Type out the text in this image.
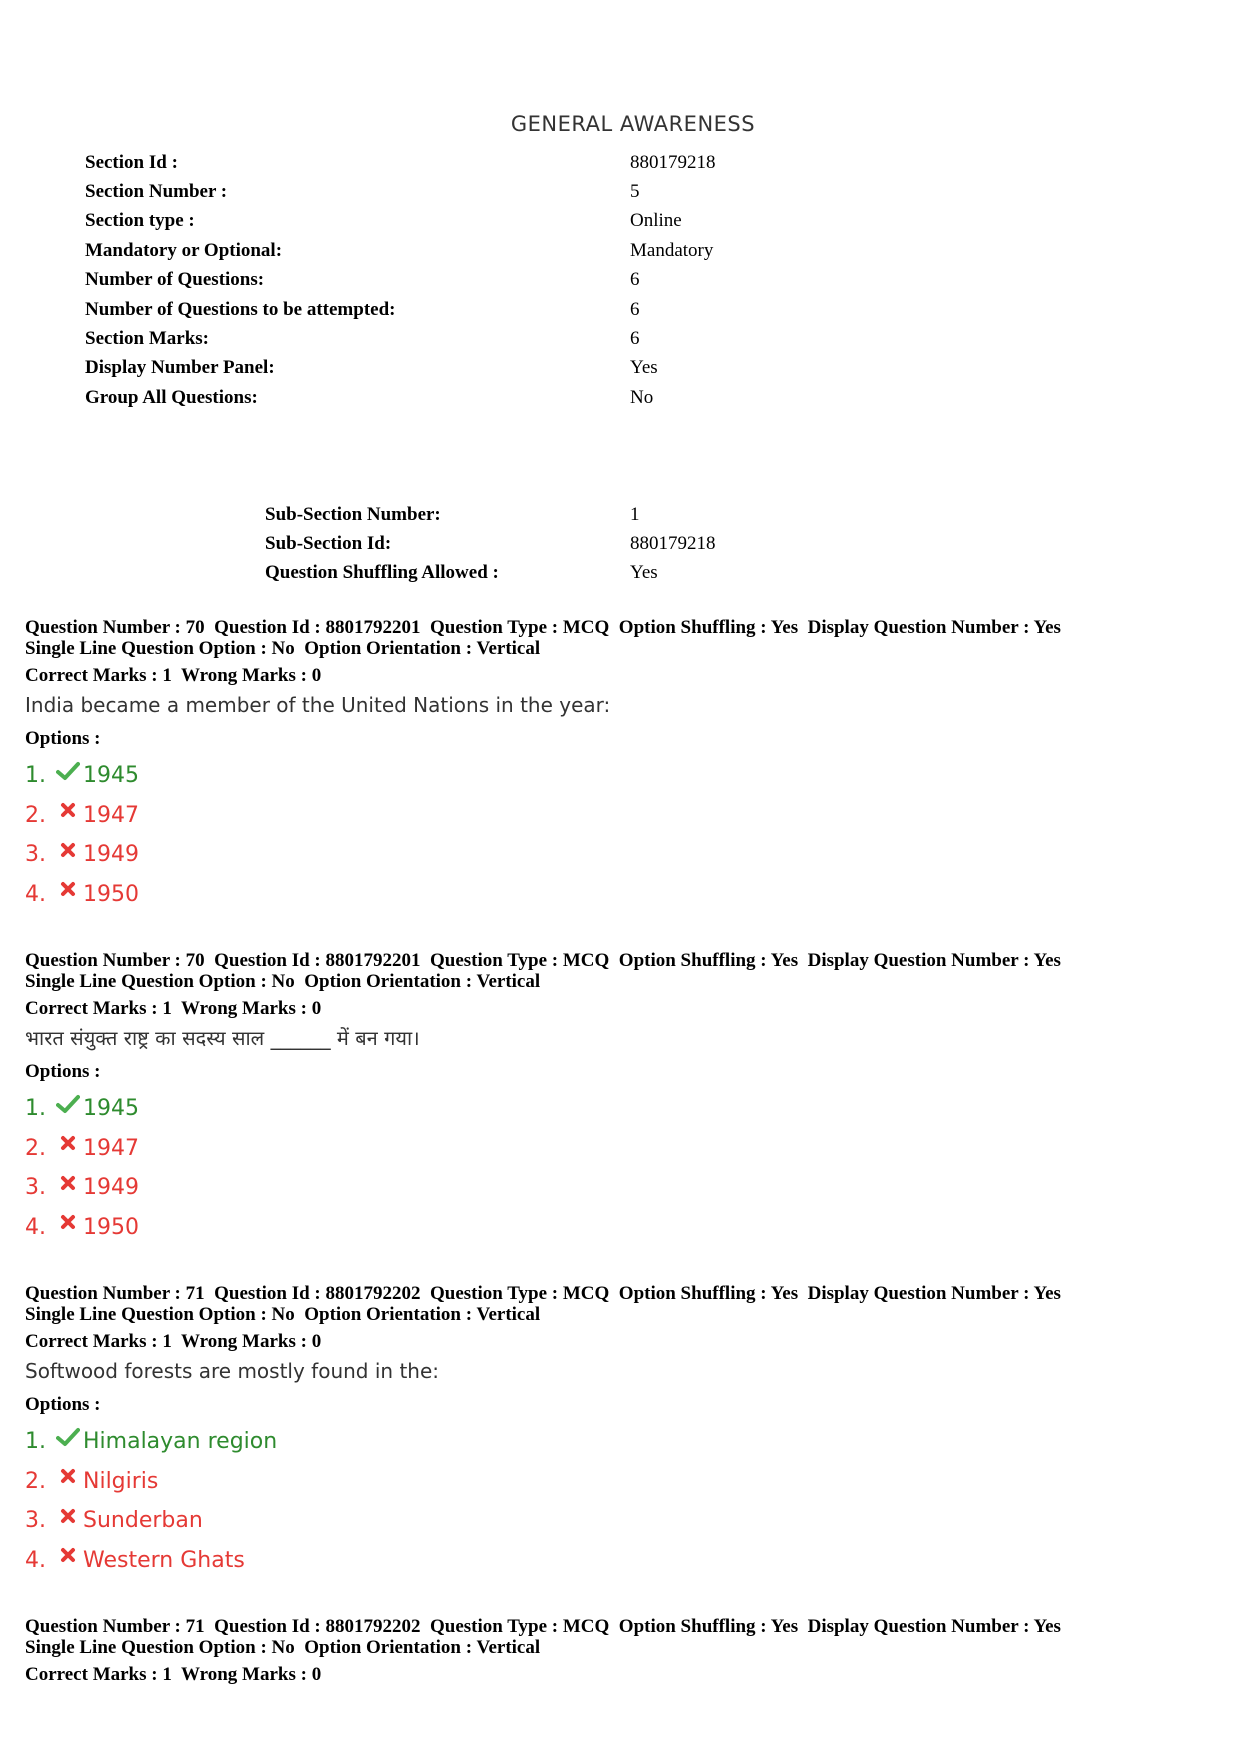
GENERAL AWARENESS
Section Id :	880179218
Section Number :	5
Section type :	Online
Mandatory or Optional:	Mandatory
Number of Questions:	6
Number of Questions to be attempted:	6
Section Marks:	6
Display Number Panel:	Yes
Group All Questions:	No
Sub-Section Number:	1
Sub-Section Id:	880179218
Question Shuffling Allowed :	Yes
Question Number : 70  Question Id : 8801792201  Question Type : MCQ  Option Shuffling : Yes  Display Question Number : Yes
Single Line Question Option : No  Option Orientation : Vertical
Correct Marks : 1  Wrong Marks : 0
India became a member of the United Nations in the year:
Options :
1.	1945
2.	1947
3.	1949
4.	1950
Question Number : 70  Question Id : 8801792201  Question Type : MCQ  Option Shuffling : Yes  Display Question Number : Yes
Single Line Question Option : No  Option Orientation : Vertical
Correct Marks : 1  Wrong Marks : 0
भारत संयुक्त राष्ट्र का सदस्य साल ______ में बन गया।
Options :
1.	1945
2.	1947
3.	1949
4.	1950
Question Number : 71  Question Id : 8801792202  Question Type : MCQ  Option Shuffling : Yes  Display Question Number : Yes
Single Line Question Option : No  Option Orientation : Vertical
Correct Marks : 1  Wrong Marks : 0
Softwood forests are mostly found in the:
Options :
1.	Himalayan region
2.	Nilgiris
3.	Sunderban
4.	Western Ghats
Question Number : 71  Question Id : 8801792202  Question Type : MCQ  Option Shuffling : Yes  Display Question Number : Yes
Single Line Question Option : No  Option Orientation : Vertical
Correct Marks : 1  Wrong Marks : 0
